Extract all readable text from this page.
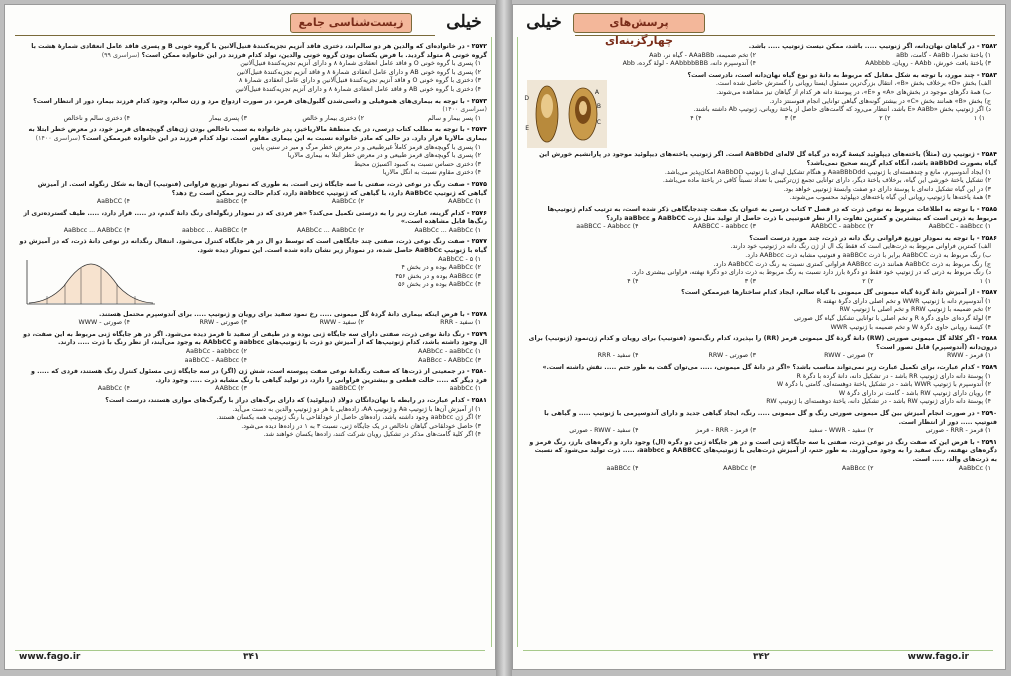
زیست‌شناسی جامع	خیلی
۲۵۷۲ - در خانواده‌ای که والدین هر دو سالم‌اند، دختری فاقد آنزیم تجزیه‌کنندهٔ فنیل‌آلانین با گروه خونی B و پسری فاقد عامل انعقادی شمارهٔ هشت با گروه خونی A متولد گردید. با فرض یکسان بودن گروه خونی والدین، تولد کدام فرزند در این خانواده ممکن است؟ (سراسری ۹۹)
۱) پسری با گروه خونی O و فاقد عامل انعقادی شمارهٔ ۸ و دارای آنزیم تجزیه‌کنندهٔ فنیل‌آلانین
۲) پسری با گروه خونی AB و دارای عامل انعقادی شمارهٔ ۸ و فاقد آنزیم تجزیه‌کنندهٔ فنیل‌آلانین
۳) دختری با گروه خونی O و فاقد آنزیم تجزیه‌کنندهٔ فنیل‌آلانین و دارای عامل انعقادی شمارهٔ ۸
۴) دختری با گروه خونی AB و فاقد عامل انعقادی شمارهٔ ۸ و دارای آنزیم تجزیه‌کنندهٔ فنیل‌آلانین
۲۵۷۳ - با توجه به بیماری‌های هموفیلی و داسی‌شدن گلبول‌های قرمز، در صورت ازدواج مرد و زن سالم، وجود کدام فرزند بیمار، دور از انتظار است؟ (سراسری ۱۴۰۰)
۱) پسر بیمار و سالم
۲) دختری بیمار و خالص
۳) پسری بیمار
۴) دختری سالم و ناخالص
۲۵۷۴ - با توجه به مطلب کتاب درسی، در یک منطقهٔ مالاریاخیز، پدر خانواده به سبب ناخالص بودن ژن‌های گویچه‌های قرمز خود، در معرض خطر ابتلا به بیماری مالاریا قرار دارد. در حالی که مادر خانواده نسبت به این بیماری مقاوم است. تولد کدام فرزند در این خانواده غیرممکن است؟ (سراسری ۱۴۰۰)
۱) پسری با گویچه‌های قرمز کاملاً غیرطبیعی و در معرض خطر مرگ و میر در سنین پایین
۲) پسری با گویچه‌های قرمز طبیعی و در معرض خطر ابتلا به بیماری مالاریا
۳) دختری حساس نسبت به کمبود اکسیژن محیط
۴) دختری مقاوم نسبت به انگل مالاریا
۲۵۷۵ - صفت رنگ در نوعی ذرت، صفتی با سه جایگاه ژنی است. به طوری که نمودار توزیع فراوانی (فنوتیپ) آن‌ها به شکل زنگوله است. از آمیزش گیاهی که ژنوتیپ AaBbCc دارد، با گیاهی که ژنوتیپ aabbcc دارد، کدام حالت زیر ممکن است رخ دهد؟
۱) AABbCc
۲) AaBbCc
۳) aaBbcc
۴) AaBbCC
۲۵۷۶ - کدام گزینه، عبارت زیر را به درستی تکمیل می‌کند؟ «هر فردی که در نمودار زنگوله‌ای رنگ دانهٔ گندم، در ..... قرار دارد، ..... طیف گسترده‌تری از رنگ‌ها قابل مشاهده است.»
۱) AaBbCc ... AaBbCc
۲) AABbCc ... AaBbCc
۳) aabbcc ... AaBBCc
۴) AaBbcc ... AABbCc
۲۵۷۷ - صفت رنگ نوعی ذرت، صفتی چند جایگاهی است که توسط دو ال در هر جایگاه کنترل می‌شود. انتقال رنگدانه در نوعی دانهٔ ذرت، که در آمیزش دو گیاه با ژنوتیپ AaBbCc حاصل شده، در نمودار زیر نشان داده شده است. این نمودار دیده شود.
۱) AaBbCC - ۵
۲) AaBbCc بوده و در بخش ۴
۳) AaBBcc بوده و در بخش ۴۵۶
۴) AaBbCc بوده و در بخش ۵۶
۲۵۷۸ - با فرض اینکه بیماری دانهٔ گردهٔ گل میمونی ..... رخ نمود سفید برای رویان و ژنوتیپ ..... برای آندوسپرم محتمل هستند.
۱) سفید - RRR
۲) سفید - RWW
۳) صورتی - RRW
۴) صورتی - WWW
۲۵۷۹ - رنگ دانهٔ نوعی ذرت، صفتی دارای سه جایگاه ژنی بوده و در طیفی از سفید تا قرمز دیده می‌شود. اگر در هر جایگاه ژنی مربوط به این صفت، دو ال وجود داشته باشد، کدام ژنوتیپ‌ها که از آمیزش دو ذرت با ژنوتیپ‌های aabbcc و AAbbCC به وجود می‌آیند، از نظر رنگ با ذرت ..... دارند.
۱) AABbCc - aaBbCc
۲) AaBbCc - aabbcc
۳) AaBBcc - AABbCc
۴) aaBbCC - AaBbcc
۲۵۸۰ - در جمعیتی از ذرت‌ها که صفت رنگدانهٔ نوعی صفت پیوسته است، شش ژن (اگر) در سه جایگاه ژنی مسئول کنترل رنگ هستند، فردی که ..... و فرد دیگر که ..... حالت قطعی و بیشترین فراوانی را دارد، در تولید گیاهی با رنگ مشابه ذرت ..... وجود دارد.
۱) aabbCc
۲) aaBbCC
۳) AABbcc
۴) AaBbCc
۲۵۸۱ - کدام عبارت، در رابطه با نهان‌دانگان دولاد (دیپلوئید) که دارای برگ‌های دراز با رگبرگ‌های موازی هستند، درست است؟
۱) از آمیزش آن‌ها با ژنوتیپ Aa و ژنوتیپ AA، زاده‌هایی با هر دو ژنوتیپ والدین به دست می‌آید.
۲) اگر ژن aabbcc وجود داشته باشد، زاده‌های حاصل از خودلقاحی با رنگ ژنوتیپ همه یکسان هستند.
۳) حاصل خودلقاحی گیاهان ناخالص در یک جایگاه ژنی، نسبت ۳ به ۱ در زاده‌ها دیده می‌شود.
۴) اگر کلیهٔ گامت‌های مذکر در تشکیل رویان شرکت کنند، زاده‌ها یکسان خواهند شد.
www.fago.ir	۳۴۱
پرسش‌های چهارگزینه‌ای
خیلی
۲۵۸۲ - در گیاهان نهان‌دانه، اگر ژنوتیپ ..... باشد، ممکن نیست ژنوتیپ ..... باشد.
۱) یاختهٔ تخمزا، AaBb - گامت، aBb
۲) تخم ضمیمه، AAaBBb - گیاه نر، Aab
۳) یاختهٔ بافت خورش، AAbb - رویان، AAbbbb
۴) آندوسپرم دانه، AAbbbbBBB - لولهٔ گرده، Abb
۲۵۸۳ - چند مورد، با توجه به شکل مقابل که مربوط به دانهٔ دو نوع گیاه نهان‌دانه است، نادرست است؟
الف) بخش «D» برخلاف بخش «B»، انتقال بزرگ‌ترین مسئول ایستا رویانی را گسترش حاصل شده است.
ب) همهٔ دگرهای موجود در بخش‌های «A» و «E»، در پیوستهٔ دانه هر کدام از گیاهان نیز مشاهده می‌شوند.
ج) بخش «B» همانند بخش «C» در بیشتر گونه‌های گیاهی توانایی انجام فتوسنتز دارد.
د) اگر ژنوتیپ بخش «E» AaBb باشد، انتظار می‌رود که گامت‌های حاصل از یاختهٔ رویانی، ژنوتیپ Ab داشته باشند.
۱) ۱
۲) ۲
۳) ۳
۴) ۴
A
B
C
D
E
۲۵۸۴ - ژنوتیپ زن (مثلاً) یاخته‌های دیپلوئید کیسهٔ گرده در گیاه گل لاله‌ای AaBbDd است. اگر ژنوتیپ یاخته‌های دیپلوئید موجود در پارانشیم خورش این گیاه بصورت aaBbDd باشد، آنگاه کدام گزینه صحیح نمی‌باشد؟
۱) ایجاد آندوسپرم، مانع و چندهسته‌ای با ژنوتیپ AaaBBbDdd و هنگام تشکیل لپه‌ای با ژنوتیپ AaBbDD امکان‌پذیر می‌باشد.
۲) تشکیل یاختهٔ خورشی این گیاه، برخلاف یاختهٔ دیگر، دارای توانایی تجمع ژن‌ترکیبی با تعداد نسبتاً کافی در یاختهٔ ماده می‌باشد.
۳) در این گیاه تشکیل دانه‌ای با پوستهٔ دارای دو صفت وابستهٔ ژنوتیپی خواهد بود.
۴) همهٔ یاخته‌ها با ژنوتیپ رویانی این گیاه یاخته‌های دیپلوئید محسوب می‌شوند.
۲۵۸۵ - با توجه به اطلاعات مربوط به نوعی ذرت که در فصل ۳ کتاب درسی به عنوان یک صفت چندجایگاهی ذکر شده است، به ترتیب کدام ژنوتیپ‌ها مربوط به ذرتی است که بیشترین و کمترین تفاوت را از نظر فنوتیپی با ذرت حاصل از تولید مثل ذرت AaBbCC و aaBbcc دارد؟
۱) AaBbCC - aaBbcc
۲) AABbCC - aabbcc
۳) AABBCC - aabbcc
۴) aaBBCC - Aabbcc
۲۵۸۶ - با توجه به نمودار توزیع فراوانی رنگ دانه در ذرت، چند مورد درست است؟
الف) کمترین فراوانی مربوط به ذرت‌هایی است که فقط یک ال از ژن رنگ دانه در ژنوتیپ خود دارند.
ب) رنگ مربوط به ذرت AaBbCC برابر با ذرت aaBBCc و فنوتیپ مشابه ذرت AABbcc دارد.
ج) رنگ مربوط به ذرت AaBbCc همانند ذرت AABBcc فراوانی کمتری نسبت به رنگ ذرت AaBbCC دارد.
د) رنگ مربوط به ذرتی که در ژنوتیپ خود فقط دو دگرهٔ بارز دارد نسبت به رنگ مربوط به ذرت دارای دو دگرهٔ نهفته، فراوانی بیشتری دارد.
۱) ۱
۲) ۲
۳) ۳
۴) ۴
۲۵۸۷ - از آمیزش دانهٔ گردهٔ گیاه میمونی گل میمونی با گیاه سالم، ایجاد کدام ساختارها غیرممکن است؟
۱) آندوسپرم دانه با ژنوتیپ WWR و تخم اصلی دارای دگرهٔ نهفته R
۲) تخم ضمیمه با ژنوتیپ RRW و تخم اصلی با ژنوتیپ RW
۳) لولهٔ گرده‌ای حاوی دگرهٔ R و تخم اصلی با توانایی تشکیل گیاه گل صورتی
۴) کیسهٔ رویانی حاوی دگرهٔ W و تخم ضمیمه با ژنوتیپ WWR
۲۵۸۸ - اگر کلالهٔ گل میمونی صورتی (RW) دانهٔ گردهٔ گل میمونی قرمز (RR) را بپذیرد، کدام رنگ‌نمود (فنوتیپ) برای رویان و کدام ژن‌نمود (ژنوتیپ) برای درون‌دانه (آندوسپرم) قابل تصور است؟
۱) قرمز - RWW
۲) صورتی - RWW
۳) صورتی - RRW
۴) سفید - RRR
۲۵۸۹ - کدام عبارت، برای تکمیل عبارت زیر نمی‌تواند مناسب باشد؟ «اگر در دانهٔ گل میمونی، ..... می‌توان گفت به طور حتم ..... نقش داشته است.»
۱) پوستهٔ دانه دارای ژنوتیپ RR باشد - در تشکیل دانه، دانهٔ گرده با دگرهٔ R
۲) آندوسپرم با ژنوتیپ WWR باشد - در تشکیل یاختهٔ دوهسته‌ای، گامتی با دگرهٔ W
۳) رویان دارای ژنوتیپ RW باشد - گامت نر دارای دگرهٔ W
۴) پوستهٔ دانه دارای ژنوتیپ RW باشد - در تشکیل دانه، یاختهٔ دوهسته‌ای با ژنوتیپ RW
۲۵۹۰ - در صورت انجام آمیزش بین گل میمونی صورتی رنگ و گل میمونی ..... رنگ، ایجاد گیاهی جدید و دارای آندوسپرمی با ژنوتیپ ..... و گیاهی با فنوتیپ ..... دور از انتظار است.
۱) قرمز - RRR - صورتی
۲) سفید - WWR - سفید
۳) قرمز - RRR - قرمز
۴) سفید - RWW - صورتی
۲۵۹۱ - با فرض این که صفت رنگ در نوعی ذرت، صفتی با سه جایگاه ژنی است و در هر جایگاه ژنی دو دگره (ال) وجود دارد و دگره‌های بارز، رنگ قرمز و دگره‌های نهفته، رنگ سفید را به وجود می‌آورند. به طور حتم، از آمیزش ذرت‌هایی با ژنوتیپ‌های AABBCC و aabbcc، ..... ذرت تولید می‌شود که نسبت به ذرت‌های والد، ..... است.
۱) AaBbCc
۲) AaBBcc
۳) AABbCc
۴) aaBBCc
www.fago.ir
۳۴۲
